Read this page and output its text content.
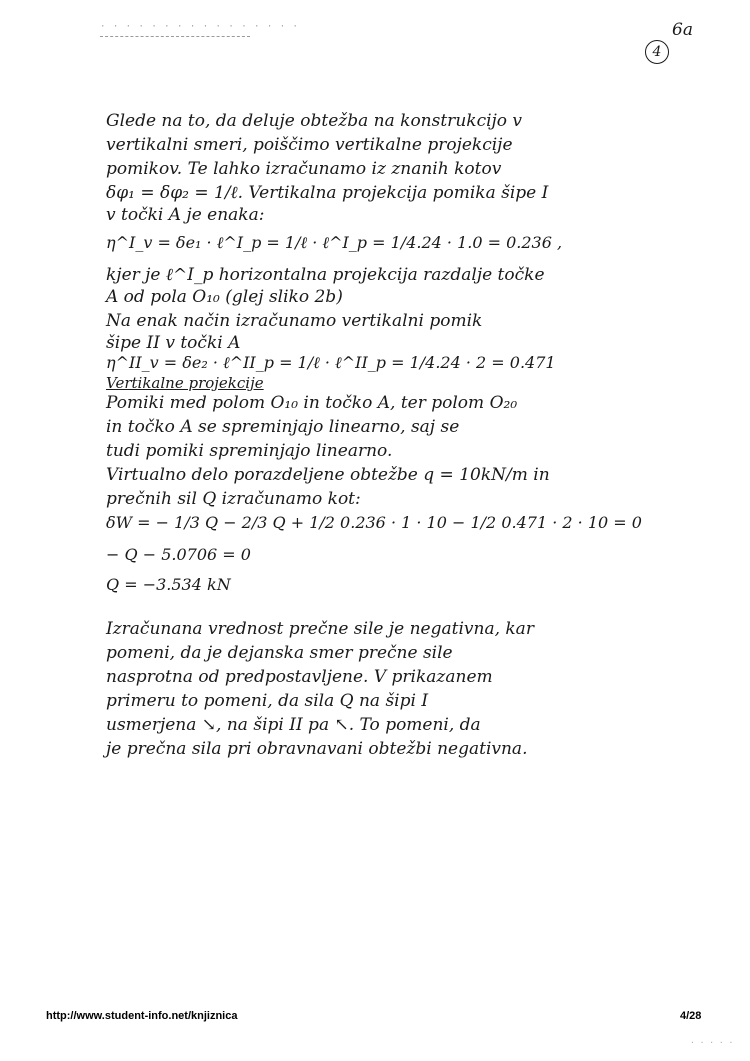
· · · · · · · · · · · · · · · ·	6a
4
Glede na to, da deluje obtežba na konstrukcijo v
vertikalni smeri, poiščimo vertikalne projekcije
pomikov. Te lahko izračunamo iz znanih kotov
δφ₁ = δφ₂ = 1/ℓ. Vertikalna projekcija pomika šipe I
v točki A je enaka:
η^I_v = δe₁ · ℓ^I_p = 1/ℓ · ℓ^I_p = 1/4.24 · 1.0 = 0.236 ,
kjer je ℓ^I_p horizontalna projekcija razdalje točke
A od pola O₁₀ (glej sliko 2b)
Na enak način izračunamo vertikalni pomik
šipe II v točki A
η^II_v = δe₂ · ℓ^II_p = 1/ℓ · ℓ^II_p = 1/4.24 · 2 = 0.471
Vertikalne projekcije
Pomiki med polom O₁₀ in točko A, ter polom O₂₀
in točko A se spreminjajo linearno, saj se
tudi pomiki spreminjajo linearno.
Virtualno delo porazdeljene obtežbe q = 10kN/m in
prečnih sil Q izračunamo kot:
δW = − 1/3 Q − 2/3 Q + 1/2 0.236 · 1 · 10 − 1/2 0.471 · 2 · 10 = 0
− Q − 5.0706 = 0
Q = −3.534 kN
Izračunana vrednost prečne sile je negativna, kar
pomeni, da je dejanska smer prečne sile
nasprotna od predpostavljene. V prikazanem
primeru to pomeni, da sila Q na šipi I
usmerjena ↘, na šipi II pa ↖. To pomeni, da
je prečna sila pri obravnavani obtežbi negativna.
http://www.student-info.net/knjiznica	4/28
· · · · ·
